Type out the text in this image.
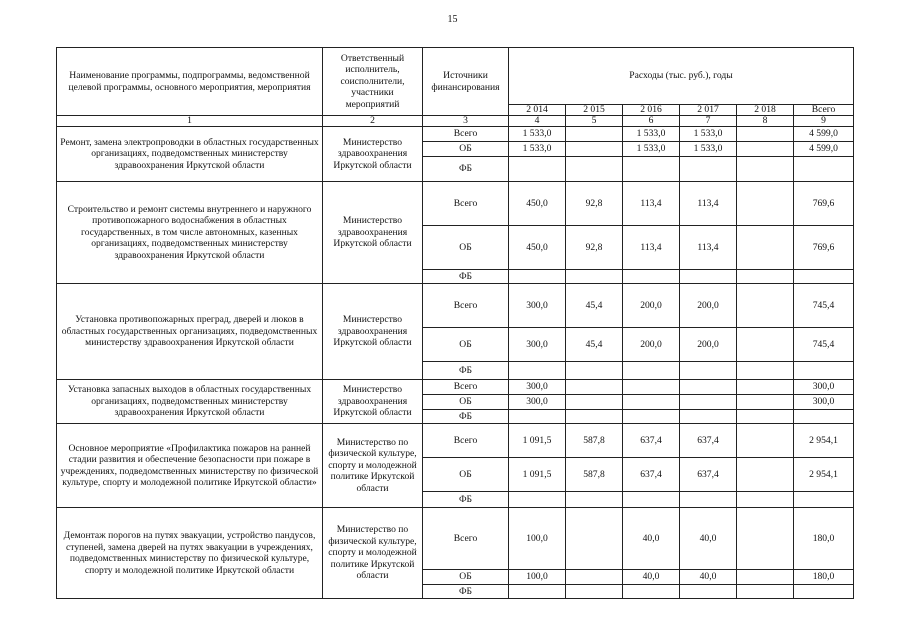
15
Наименование программы, подпрограммы, ведомственной целевой программы, основного мероприятия, мероприятия	Ответственный исполнитель, соисполнители, участники мероприятий	Источники финансирования	Расходы (тыс. руб.), годы					
			2 014	2 015	2 016	2 017	2 018	Всего
1	2	3	4	5	6	7	8	9
Ремонт, замена электропроводки в областных государственных организациях, подведомственных министерству здравоохранения Иркутской области	Министерство здравоохранения Иркутской области	Всего	1 533,0		1 533,0	1 533,0		4 599,0
		ОБ	1 533,0		1 533,0	1 533,0		4 599,0
		ФБ						
Строительство и ремонт системы внутреннего и наружного противопожарного водоснабжения в областных государственных, в том числе автономных, казенных организациях, подведомственных министерству здравоохранения Иркутской области	Министерство здравоохранения Иркутской области	Всего	450,0	92,8	113,4	113,4		769,6
		ОБ	450,0	92,8	113,4	113,4		769,6
		ФБ						
Установка противопожарных преград, дверей и люков в областных государственных организациях, подведомственных министерству здравоохранения Иркутской области	Министерство здравоохранения Иркутской области	Всего	300,0	45,4	200,0	200,0		745,4
		ОБ	300,0	45,4	200,0	200,0		745,4
		ФБ						
Установка запасных выходов в областных государственных организациях, подведомственных министерству здравоохранения Иркутской области	Министерство здравоохранения Иркутской области	Всего	300,0					300,0
		ОБ	300,0					300,0
		ФБ						
Основное мероприятие «Профилактика пожаров на ранней стадии развития и обеспечение безопасности при пожаре в учреждениях, подведомственных министерству по физической культуре, спорту и молодежной политике Иркутской области»	Министерство по физической культуре, спорту и молодежной политике Иркутской области	Всего	1 091,5	587,8	637,4	637,4		2 954,1
		ОБ	1 091,5	587,8	637,4	637,4		2 954,1
		ФБ						
Демонтаж порогов на путях эвакуации, устройство пандусов, ступеней, замена дверей на путях эвакуации в учреждениях, подведомственных министерству по физической культуре, спорту и молодежной политике Иркутской области	Министерство по физической культуре, спорту и молодежной политике Иркутской области	Всего	100,0		40,0	40,0		180,0
		ОБ	100,0		40,0	40,0		180,0
		ФБ						
